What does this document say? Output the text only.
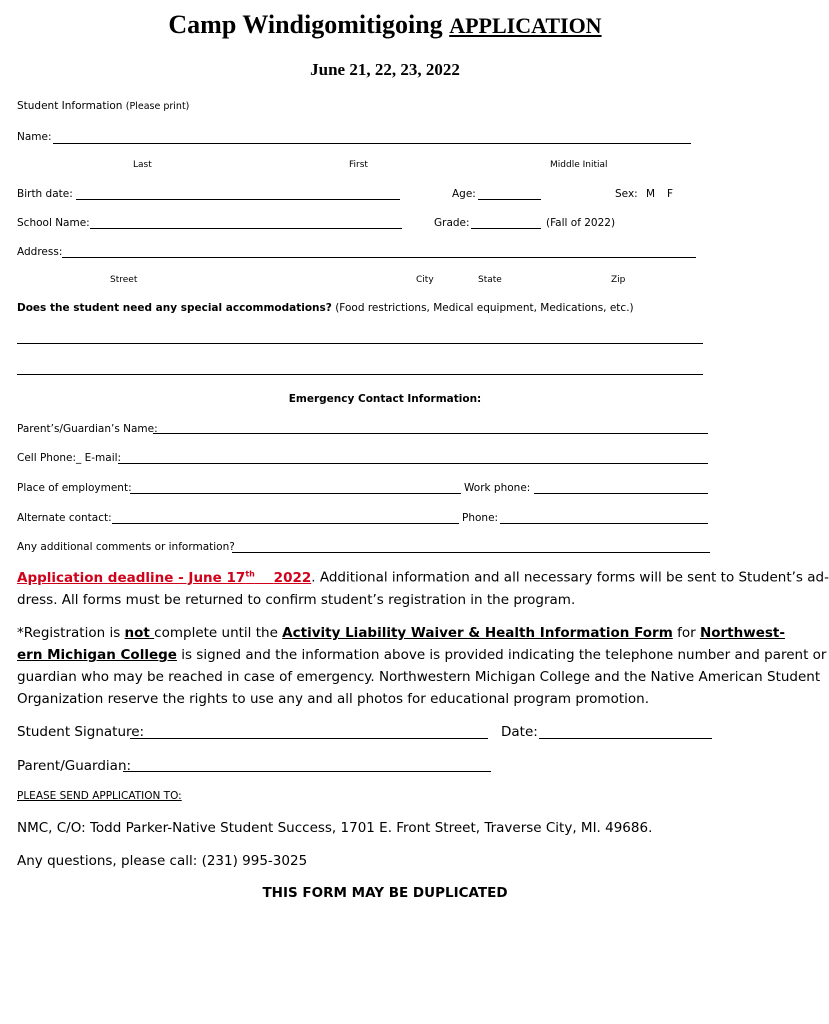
Camp Windigomitigoing APPLICATION
June 21, 22, 23, 2022
Student Information (Please print)
Name:
Last	First	Middle Initial
Birth date:	Age:	Sex: M F
School Name:	Grade:	(Fall of 2022)
Address:
Street	City	State	Zip
Does the student need any special accommodations? (Food restrictions, Medical equipment, Medications, etc.)
Emergency Contact Information:
Parent’s/Guardian’s Name:
Cell Phone:_ E-mail:
Place of employment:	Work phone:
Alternate contact:	Phone:
Any additional comments or information?
Application deadline - June 17th 2022. Additional information and all necessary forms will be sent to Student’s ad-
dress. All forms must be returned to confirm student’s registration in the program.
*Registration is not complete until the Activity Liability Waiver & Health Information Form for Northwest-
ern Michigan College is signed and the information above is provided indicating the telephone number and parent or
guardian who may be reached in case of emergency. Northwestern Michigan College and the Native American Student
Organization reserve the rights to use any and all photos for educational program promotion.
Student Signature:	Date:
Parent/Guardian:
PLEASE SEND APPLICATION TO:
NMC, C/O: Todd Parker-Native Student Success, 1701 E. Front Street, Traverse City, MI. 49686.
Any questions, please call: (231) 995-3025
THIS FORM MAY BE DUPLICATED
